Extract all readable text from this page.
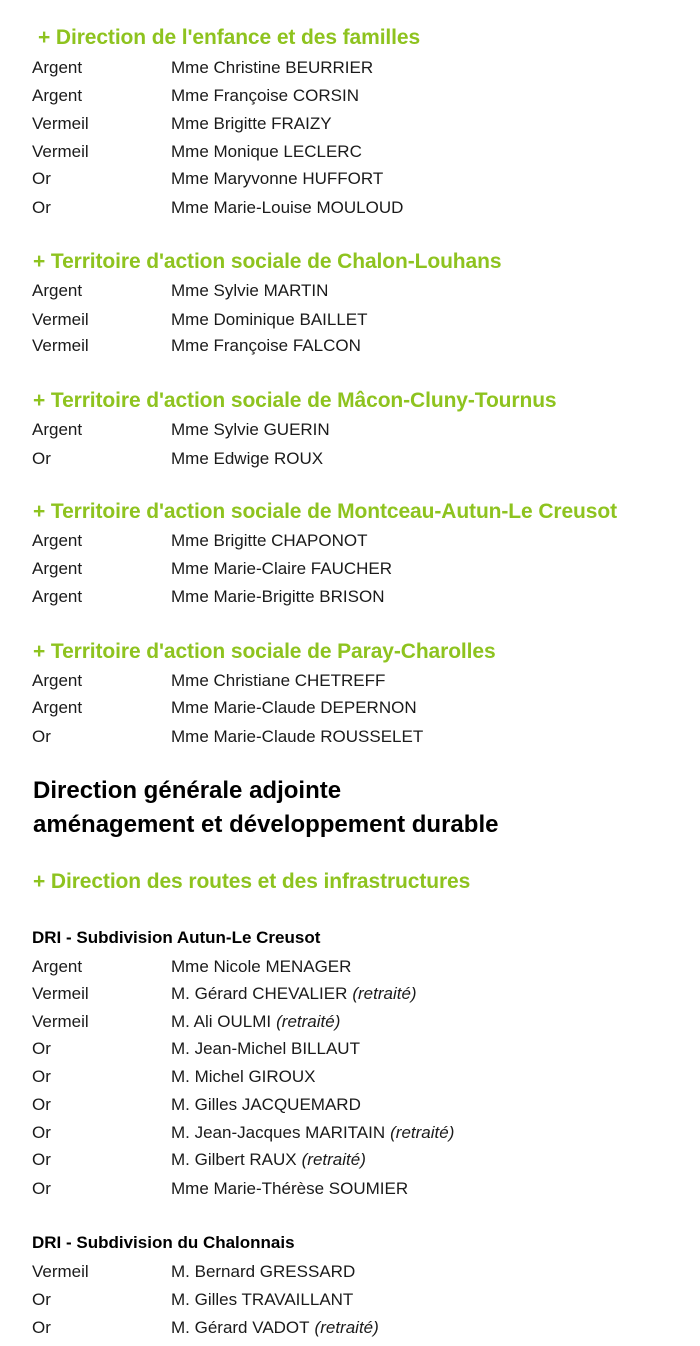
+ Direction de l'enfance et des familles
Argent	Mme Christine BEURRIER
Argent	Mme Françoise CORSIN
Vermeil	Mme Brigitte FRAIZY
Vermeil	Mme Monique LECLERC
Or	Mme Maryvonne HUFFORT
Or	Mme Marie-Louise MOULOUD
+ Territoire d'action sociale de Chalon-Louhans
Argent	Mme Sylvie MARTIN
Vermeil	Mme Dominique BAILLET
Vermeil	Mme Françoise FALCON
+ Territoire d'action sociale de Mâcon-Cluny-Tournus
Argent	Mme Sylvie GUERIN
Or	Mme Edwige ROUX
+ Territoire d'action sociale de Montceau-Autun-Le Creusot
Argent	Mme Brigitte CHAPONOT
Argent	Mme Marie-Claire FAUCHER
Argent	Mme Marie-Brigitte BRISON
+ Territoire d'action sociale de Paray-Charolles
Argent	Mme Christiane CHETREFF
Argent	Mme Marie-Claude DEPERNON
Or	Mme Marie-Claude ROUSSELET
Direction générale adjointe
aménagement et développement durable
+ Direction des routes et des infrastructures
DRI - Subdivision Autun-Le Creusot
Argent	Mme Nicole MENAGER
Vermeil	M. Gérard CHEVALIER (retraité)
Vermeil	M. Ali OULMI (retraité)
Or	M. Jean-Michel BILLAUT
Or	M. Michel GIROUX
Or	M. Gilles JACQUEMARD
Or	M. Jean-Jacques MARITAIN (retraité)
Or	M. Gilbert RAUX (retraité)
Or	Mme Marie-Thérèse SOUMIER
DRI - Subdivision du Chalonnais
Vermeil	M. Bernard GRESSARD
Or	M. Gilles TRAVAILLANT
Or	M. Gérard VADOT (retraité)
